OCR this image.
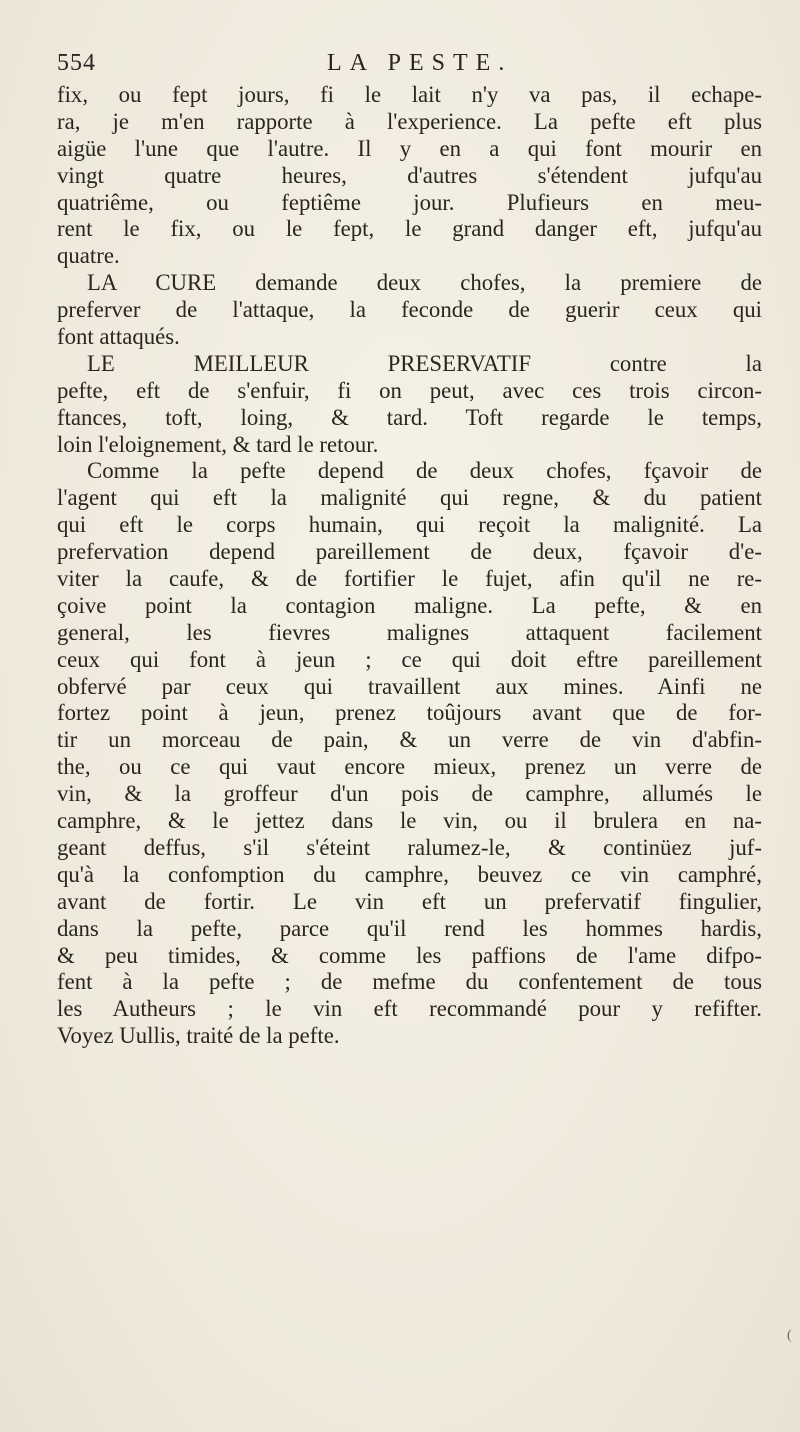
554	LA PESTE.
fix, ou fept jours, fi le lait n'y va pas, il echape-
ra, je m'en rapporte à l'experience. La pefte eft plus
aigüe l'une que l'autre. Il y en a qui font mourir en
vingt quatre heures, d'autres s'étendent jufqu'au
quatriême, ou feptiême jour. Plufieurs en meu-
rent le fix, ou le fept, le grand danger eft, jufqu'au
quatre.
LA CURE demande deux chofes, la premiere de
preferver de l'attaque, la feconde de guerir ceux qui
font attaqués.
LE MEILLEUR PRESERVATIF contre la
pefte, eft de s'enfuir, fi on peut, avec ces trois circon-
ftances, toft, loing, & tard. Toft regarde le temps,
loin l'eloignement, & tard le retour.
Comme la pefte depend de deux chofes, fçavoir de
l'agent qui eft la malignité qui regne, & du patient
qui eft le corps humain, qui reçoit la malignité. La
prefervation depend pareillement de deux, fçavoir d'e-
viter la caufe, & de fortifier le fujet, afin qu'il ne re-
çoive point la contagion maligne. La pefte, & en
general, les fievres malignes attaquent facilement
ceux qui font à jeun ; ce qui doit eftre pareillement
obfervé par ceux qui travaillent aux mines. Ainfi ne
fortez point à jeun, prenez toûjours avant que de for-
tir un morceau de pain, & un verre de vin d'abfin-
the, ou ce qui vaut encore mieux, prenez un verre de
vin, & la groffeur d'un pois de camphre, allumés le
camphre, & le jettez dans le vin, ou il brulera en na-
geant deffus, s'il s'éteint ralumez-le, & continüez juf-
qu'à la confomption du camphre, beuvez ce vin camphré,
avant de fortir. Le vin eft un prefervatif fingulier,
dans la pefte, parce qu'il rend les hommes hardis,
& peu timides, & comme les paffions de l'ame difpo-
fent à la pefte ; de mefme du confentement de tous
les Autheurs ; le vin eft recommandé pour y refifter.
Voyez Uullis, traité de la pefte.
(
